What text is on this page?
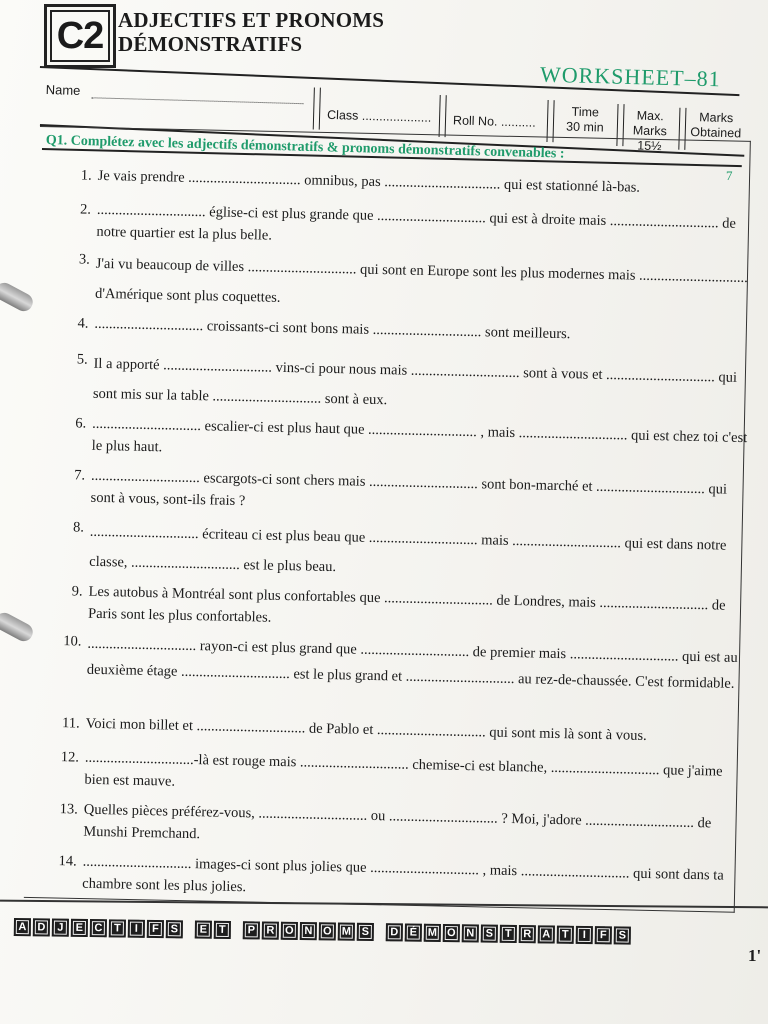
C2 ADJECTIFS ET PRONOMS
DÉMONSTRATIFS
WORKSHEET–81
Name
Class .................... Roll No. ..........
Time
30 min
Max.
Marks
15½
Marks
Obtained
Q1. Complétez avec les adjectifs démonstratifs & pronoms démonstratifs convenables :
7
1. Je vais prendre ............................... omnibus, pas ................................ qui est stationné là-bas.
2. .............................. église-ci est plus grande que .............................. qui est à droite mais .............................. de notre quartier est la plus belle.
3. J'ai vu beaucoup de villes .............................. qui sont en Europe sont les plus modernes mais .............................. d'Amérique sont plus coquettes.
4. .............................. croissants-ci sont bons mais .............................. sont meilleurs.
5. Il a apporté .............................. vins-ci pour nous mais .............................. sont à vous et .............................. qui sont mis sur la table .............................. sont à eux.
6. .............................. escalier-ci est plus haut que .............................. , mais .............................. qui est chez toi c'est le plus haut.
7. .............................. escargots-ci sont chers mais .............................. sont bon-marché et .............................. qui sont à vous, sont-ils frais ?
8. .............................. écriteau ci est plus beau que .............................. mais .............................. qui est dans notre classe, .............................. est le plus beau.
9. Les autobus à Montréal sont plus confortables que .............................. de Londres, mais .............................. de Paris sont les plus confortables.
10. .............................. rayon-ci est plus grand que .............................. de premier mais .............................. qui est au deuxième étage .............................. est le plus grand et .............................. au rez-de-chaussée. C'est formidable.
11. Voici mon billet et .............................. de Pablo et .............................. qui sont mis là sont à vous.
12. ..............................-là est rouge mais .............................. chemise-ci est blanche, .............................. que j'aime bien est mauve.
13. Quelles pièces préférez-vous, .............................. ou .............................. ? Moi, j'adore .............................. de Munshi Premchand.
14. .............................. images-ci sont plus jolies que .............................. , mais .............................. qui sont dans ta chambre sont les plus jolies.
A D J E C T I F S E T P R O N O M S D É M O N S T R A T I F S
1'
